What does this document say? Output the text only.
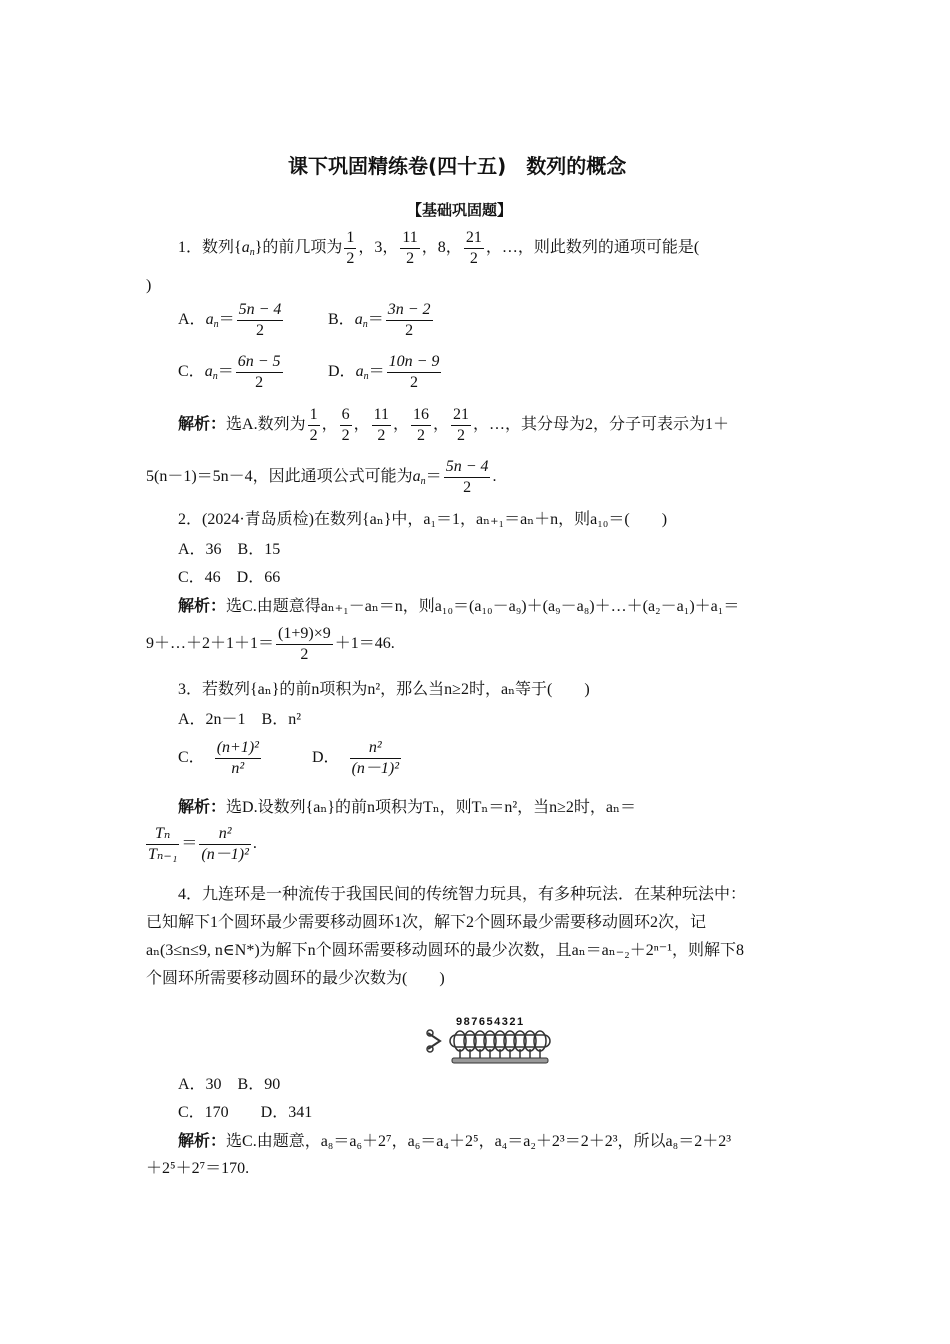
课下巩固精练卷(四十五)　数列的概念
【基础巩固题】
1．数列$\{a_n\}$的前几项为 $\frac{1}{2}$ ，3， $\frac{11}{2}$ ，8， $\frac{21}{2}$ ，…，则此数列的通项可能是(
)
A．$a_n= \frac{5n - 4}{2}$	B．$a_n= \frac{3n - 2}{2}$
C．$a_n= \frac{6n - 5}{2}$	D．$a_n= \frac{10n - 9}{2}$
解析：选A.数列为 $\frac{1}{2}$ ， $\frac{6}{2}$ ， $\frac{11}{2}$ ， $\frac{16}{2}$ ， $\frac{21}{2}$ ，…，其分母为2，分子可表示为1＋
5(n－1)＝5n－4，因此通项公式可能为$a_n= \frac{5n - 4}{2}$ .
2．(2024·青岛质检)在数列{aₙ}中，a₁＝1，aₙ₊₁＝aₙ＋n，则a₁₀＝(　　)
A．36　B．15
C．46　D．66
解析：选C.由题意得aₙ₊₁－aₙ＝n，则a₁₀＝(a₁₀－a₉)＋(a₉－a₈)＋…＋(a₂－a₁)＋a₁＝
9＋…＋2＋1＋1＝ $\frac{(1+9)\times 9}{2} +1=46$.
3．若数列{aₙ}的前n项积为n²，那么当n≥2时，aₙ等于(　　)
A．2n－1　B．n²
C． $\frac{\text{(n+1)²}}{\text{n²}}$	D． $\frac{\text{n²}}{\text{(n－1)²}}$
解析：选D.设数列{aₙ}的前n项积为Tₙ，则Tₙ＝n²，当n≥2时，aₙ＝
$\frac{\text{Tₙ}}{\text{Tₙ₋₁}} = \frac{\text{n²}}{\text{(n－1)²}}$ .
4．九连环是一种流传于我国民间的传统智力玩具，有多种玩法．在某种玩法中：
已知解下1个圆环最少需要移动圆环1次，解下2个圆环最少需要移动圆环2次，记
aₙ(3≤n≤9, n∈N*)为解下n个圆环需要移动圆环的最少次数，且aₙ＝aₙ₋₂＋2ⁿ⁻¹，则解下8
个圆环所需要移动圆环的最少次数为(　　)
987654321
A．30　B．90
C．170　　D．341
解析：选C.由题意，a₈＝a₆＋2⁷，a₆＝a₄＋2⁵，a₄＝a₂＋2³＝2＋2³，所以a₈＝2＋2³
＋2⁵＋2⁷＝170.
